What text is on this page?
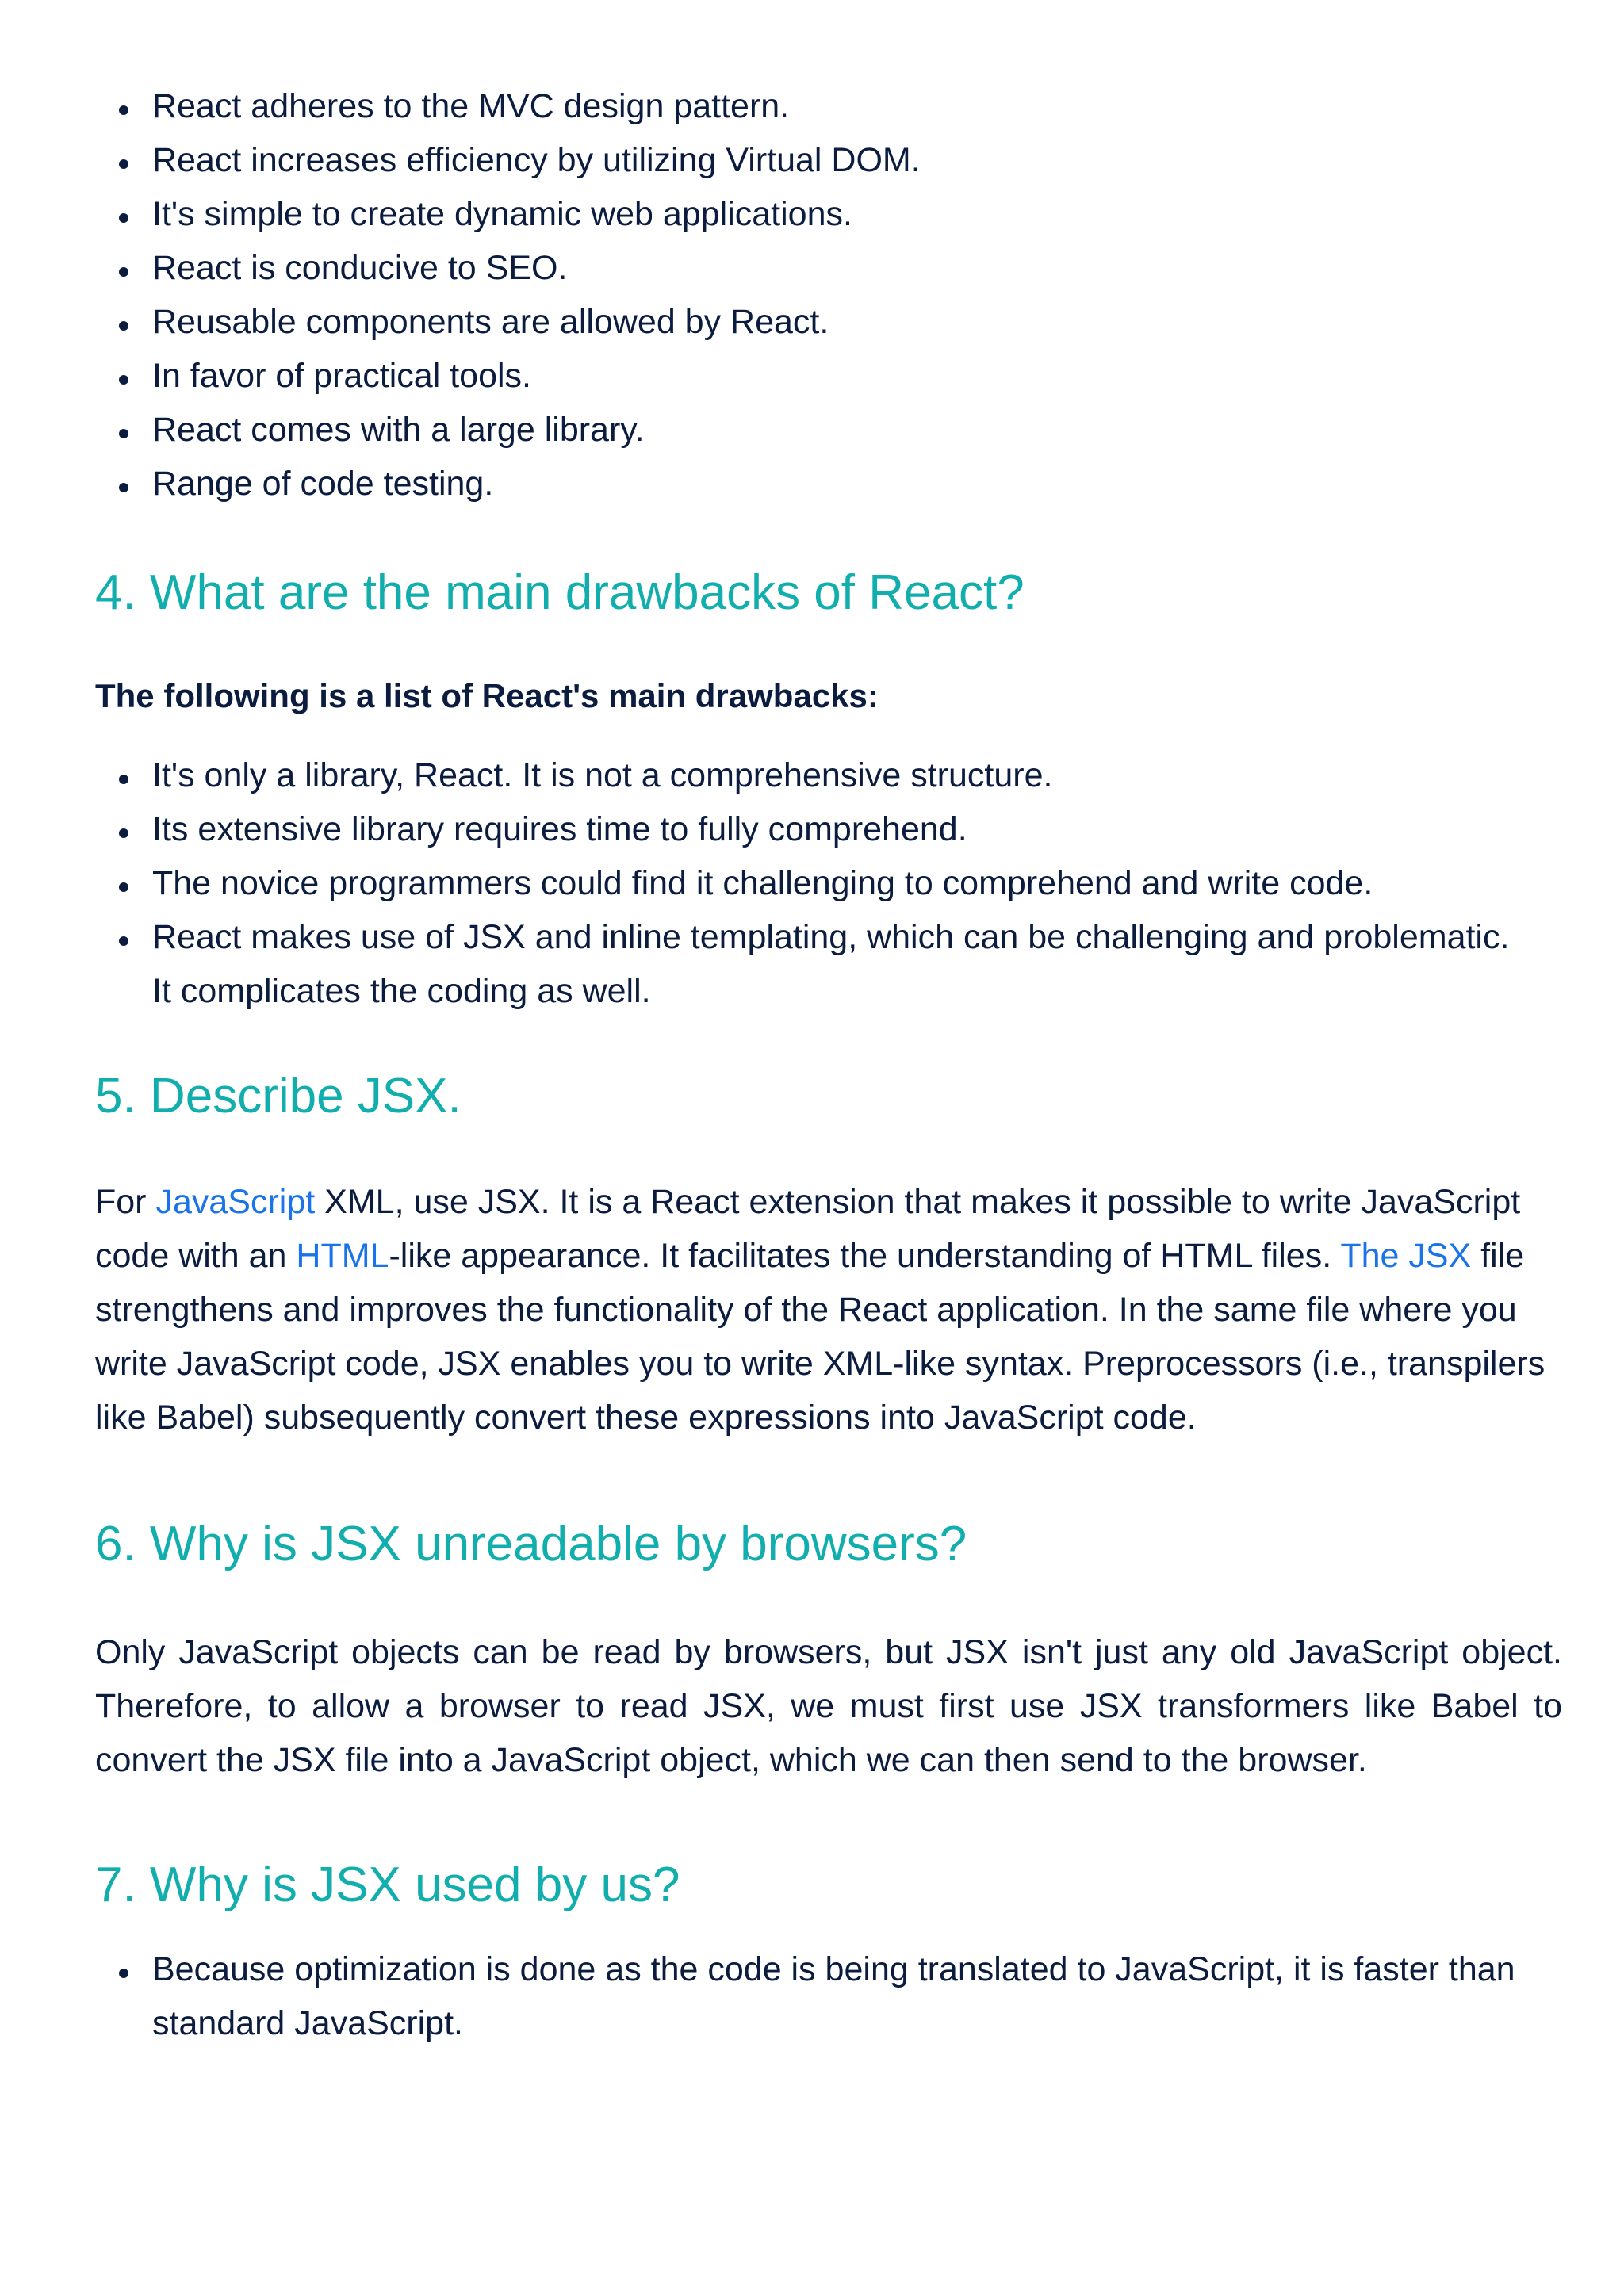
React adheres to the MVC design pattern.
React increases efficiency by utilizing Virtual DOM.
It's simple to create dynamic web applications.
React is conducive to SEO.
Reusable components are allowed by React.
In favor of practical tools.
React comes with a large library.
Range of code testing.
4. What are the main drawbacks of React?

The following is a list of React's main drawbacks:

It's only a library, React. It is not a comprehensive structure.
Its extensive library requires time to fully comprehend.
The novice programmers could find it challenging to comprehend and write code.
React makes use of JSX and inline templating, which can be challenging and problematic. It complicates the coding as well.
5. Describe JSX.

For JavaScript XML, use JSX. It is a React extension that makes it possible to write JavaScript code with an HTML-like appearance. It facilitates the understanding of HTML files. The JSX file strengthens and improves the functionality of the React application. In the same file where you write JavaScript code, JSX enables you to write XML-like syntax. Preprocessors (i.e., transpilers like Babel) subsequently convert these expressions into JavaScript code.

6. Why is JSX unreadable by browsers?

Only JavaScript objects can be read by browsers, but JSX isn't just any old JavaScript object. Therefore, to allow a browser to read JSX, we must first use JSX transformers like Babel to convert the JSX file into a JavaScript object, which we can then send to the browser.

7. Why is JSX used by us?
Because optimization is done as the code is being translated to JavaScript, it is faster than standard JavaScript.
